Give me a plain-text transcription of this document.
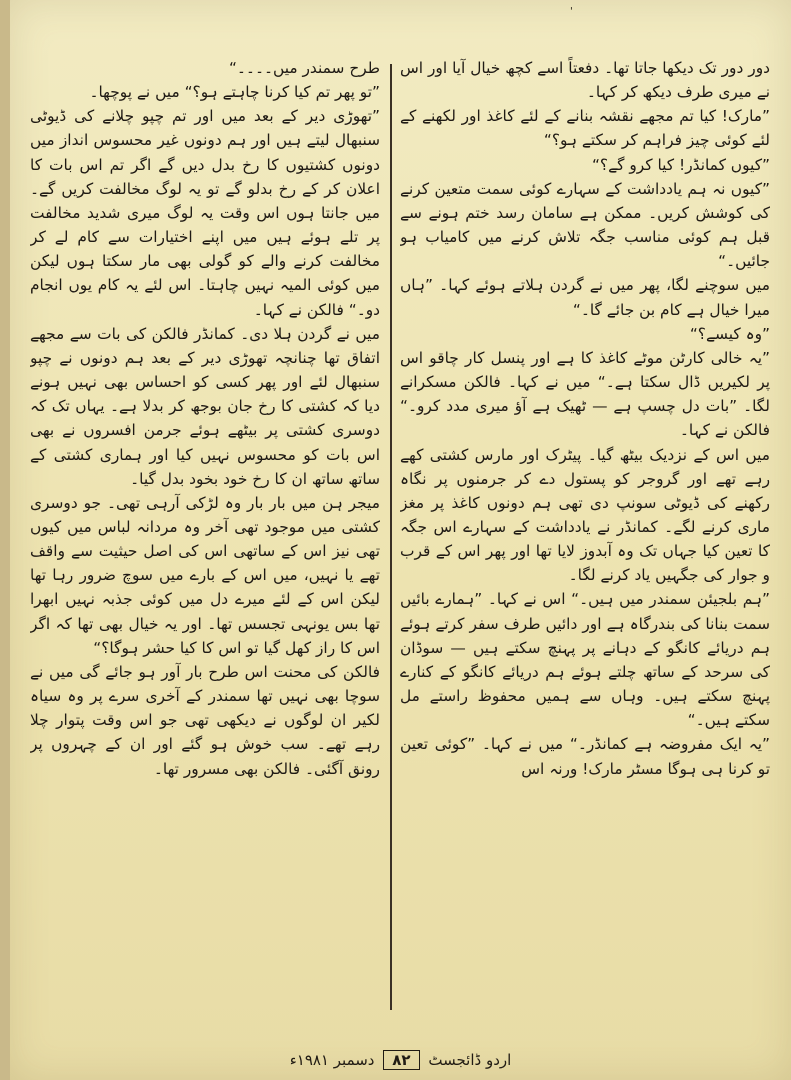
'

دور دور تک دیکھا جاتا تھا۔ دفعتاً اسے کچھ خیال آیا اور اس نے میری طرف دیکھ کر کہا۔

”مارک! کیا تم مجھے نقشہ بنانے کے لئے کاغذ اور لکھنے کے لئے کوئی چیز فراہم کر سکتے ہو؟“

”کیوں کمانڈر! کیا کرو گے؟“

”کیوں نہ ہم یادداشت کے سہارے کوئی سمت متعین کرنے کی کوشش کریں۔ ممکن ہے سامان رسد ختم ہونے سے قبل ہم کوئی مناسب جگہ تلاش کرنے میں کامیاب ہو جائیں۔“

میں سوچنے لگا، پھر میں نے گردن ہلاتے ہوئے کہا۔ ”ہاں میرا خیال ہے کام بن جائے گا۔“

”وہ کیسے؟“

”یہ خالی کارٹن موٹے کاغذ کا ہے اور پنسل کار چاقو اس پر لکیریں ڈال سکتا ہے۔“ میں نے کہا۔ فالکن مسکرانے لگا۔ ”بات دل چسپ ہے — ٹھیک ہے آؤ میری مدد کرو۔“ فالکن نے کہا۔

میں اس کے نزدیک بیٹھ گیا۔ پیٹرک اور مارس کشتی کھے رہے تھے اور گروجر کو پستول دے کر جرمنوں پر نگاہ رکھنے کی ڈیوٹی سونپ دی تھی ہم دونوں کاغذ پر مغز ماری کرنے لگے۔ کمانڈر نے یادداشت کے سہارے اس جگہ کا تعین کیا جہاں تک وہ آبدوز لایا تھا اور پھر اس کے قرب و جوار کی جگہیں یاد کرنے لگا۔

”ہم بلجیئن سمندر میں ہیں۔“ اس نے کہا۔ ”ہمارے بائیں سمت بنانا کی بندرگاہ ہے اور دائیں طرف سفر کرتے ہوئے ہم دریائے کانگو کے دہانے پر پہنچ سکتے ہیں — سوڈان کی سرحد کے ساتھ چلتے ہوئے ہم دریائے کانگو کے کنارے پہنچ سکتے ہیں۔ وہاں سے ہمیں محفوظ راستے مل سکتے ہیں۔“

”یہ ایک مفروضہ ہے کمانڈر۔“ میں نے کہا۔ ”کوئی تعین تو کرنا ہی ہوگا مسٹر مارک! ورنہ اس

طرح سمندر میں۔۔۔۔“

”تو پھر تم کیا کرنا چاہتے ہو؟“ میں نے پوچھا۔

”تھوڑی دیر کے بعد میں اور تم چپو چلانے کی ڈیوٹی سنبھال لیتے ہیں اور ہم دونوں غیر محسوس انداز میں دونوں کشتیوں کا رخ بدل دیں گے اگر تم اس بات کا اعلان کر کے رخ بدلو گے تو یہ لوگ مخالفت کریں گے۔ میں جانتا ہوں اس وقت یہ لوگ میری شدید مخالفت پر تلے ہوئے ہیں میں اپنے اختیارات سے کام لے کر مخالفت کرنے والے کو گولی بھی مار سکتا ہوں لیکن میں کوئی المیہ نہیں چاہتا۔ اس لئے یہ کام یوں انجام دو۔“ فالکن نے کہا۔

میں نے گردن ہلا دی۔ کمانڈر فالکن کی بات سے مجھے اتفاق تھا چنانچہ تھوڑی دیر کے بعد ہم دونوں نے چپو سنبھال لئے اور پھر کسی کو احساس بھی نہیں ہونے دیا کہ کشتی کا رخ جان بوجھ کر بدلا ہے۔ یہاں تک کہ دوسری کشتی پر بیٹھے ہوئے جرمن افسروں نے بھی اس بات کو محسوس نہیں کیا اور ہماری کشتی کے ساتھ ساتھ ان کا رخ خود بخود بدل گیا۔

میجر ہن میں بار بار وہ لڑکی آرہی تھی۔ جو دوسری کشتی میں موجود تھی آخر وہ مردانہ لباس میں کیوں تھی نیز اس کے ساتھی اس کی اصل حیثیت سے واقف تھے یا نہیں، میں اس کے بارے میں سوچ ضرور رہا تھا لیکن اس کے لئے میرے دل میں کوئی جذبہ نہیں ابھرا تھا بس یونہی تجسس تھا۔ اور یہ خیال بھی تھا کہ اگر اس کا راز کھل گیا تو اس کا کیا حشر ہوگا؟“

فالکن کی محنت اس طرح بار آور ہو جائے گی میں نے سوچا بھی نہیں تھا سمندر کے آخری سرے پر وہ سیاہ لکیر ان لوگوں نے دیکھی تھی جو اس وقت پتوار چلا رہے تھے۔ سب خوش ہو گئے اور ان کے چہروں پر رونق آگئی۔ فالکن بھی مسرور تھا۔

اردو ڈائجسٹ ۸۲ دسمبر ۱۹۸۱ء
